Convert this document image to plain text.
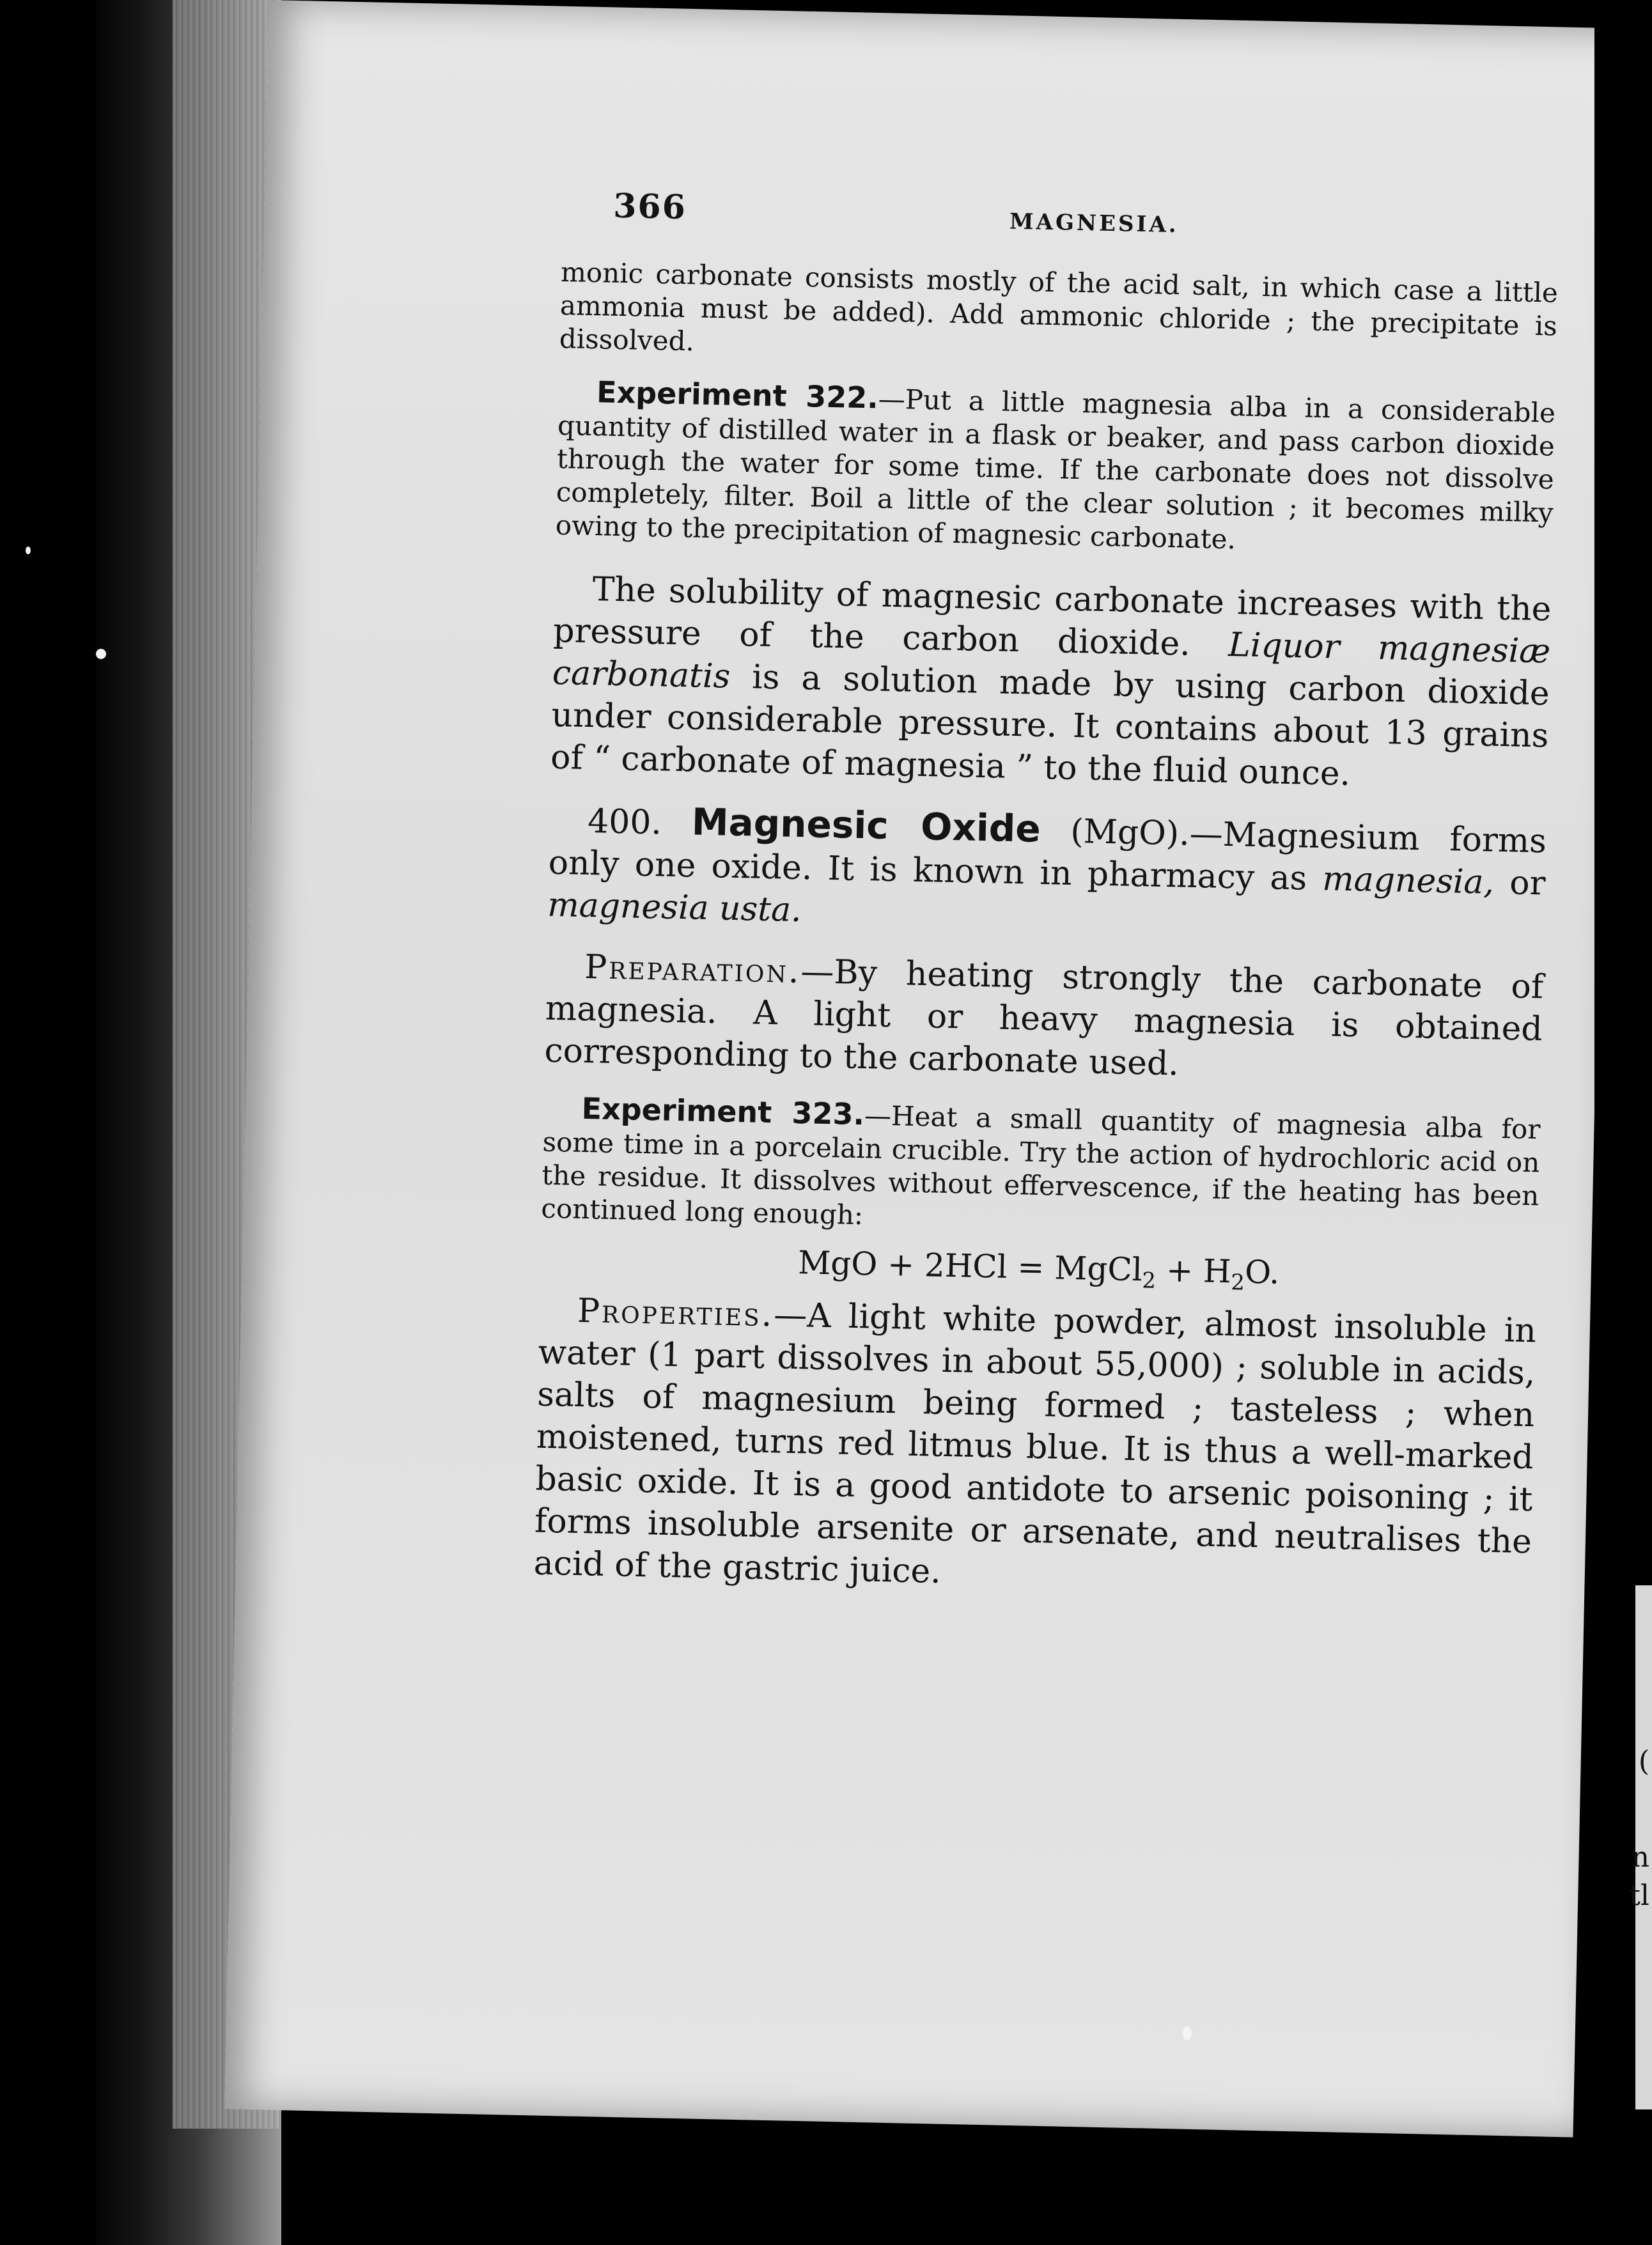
(
n
tl
366	MAGNESIA.

monic carbonate consists mostly of the acid salt, in which case a little ammonia must be added). Add ammonic chloride ; the precipitate is dissolved.

Experiment 322.—Put a little magnesia alba in a considerable quantity of distilled water in a flask or beaker, and pass carbon dioxide through the water for some time. If the carbonate does not dissolve completely, filter. Boil a little of the clear solution ; it becomes milky owing to the precipitation of magnesic carbonate.

The solubility of magnesic carbonate increases with the pressure of the carbon dioxide. Liquor magnesiæ carbonatis is a solution made by using carbon dioxide under considerable pressure. It contains about 13 grains of “ carbonate of magnesia ” to the fluid ounce.

400. Magnesic Oxide (MgO).—Magnesium forms only one oxide. It is known in pharmacy as magnesia, or magnesia usta.

Preparation.—By heating strongly the carbonate of magnesia. A light or heavy magnesia is obtained corresponding to the carbonate used.

Experiment 323.—Heat a small quantity of magnesia alba for some time in a porcelain crucible. Try the action of hydrochloric acid on the residue. It dissolves without effervescence, if the heating has been continued long enough:

MgO + 2HCl = MgCl$_2$ + $H_2O$.

Properties.—A light white powder, almost insoluble in water (1 part dissolves in about 55,000) ; soluble in acids, salts of magnesium being formed ; tasteless ; when moistened, turns red litmus blue. It is thus a well-marked basic oxide. It is a good antidote to arsenic poisoning ; it forms insoluble arsenite or arsenate, and neutralises the acid of the gastric juice.
